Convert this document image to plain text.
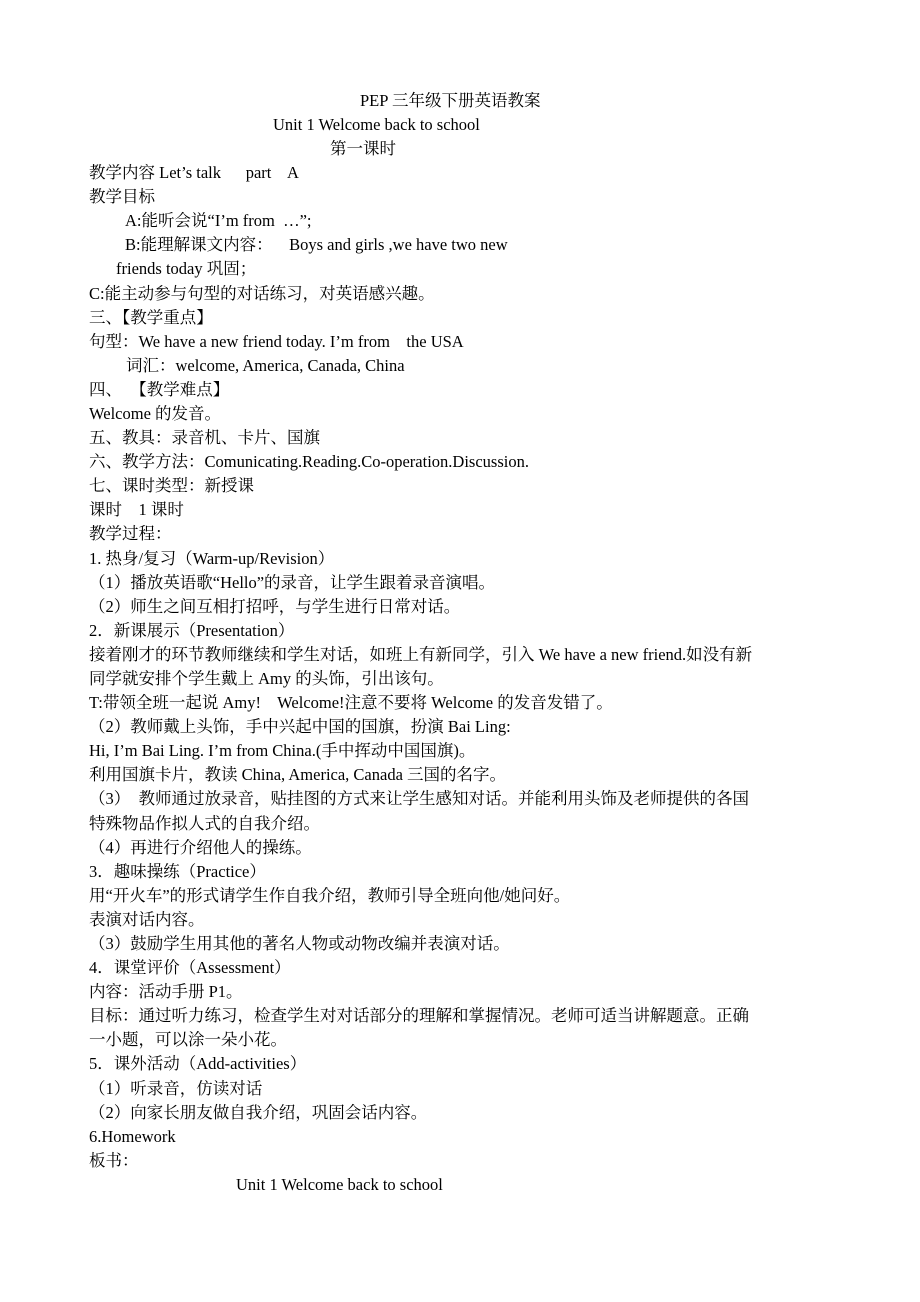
PEP 三年级下册英语教案
Unit 1 Welcome back to school
第一课时
教学内容 Let’s talk      part    A
教学目标
A:能听会说“I’m from  …”;
B:能理解课文内容：    Boys and girls ,we have two new
friends today 巩固；
C:能主动参与句型的对话练习，对英语感兴趣。
三、【教学重点】
句型：We have a new friend today. I’m from    the USA
词汇：welcome, America, Canada, China
四、  【教学难点】
Welcome 的发音。
五、教具：录音机、卡片、国旗
六、教学方法：Comunicating.Reading.Co-operation.Discussion.
七、课时类型：新授课
课时    1 课时
教学过程：
1. 热身/复习（Warm-up/Revision）
（1）播放英语歌“Hello”的录音，让学生跟着录音演唱。
（2）师生之间互相打招呼，与学生进行日常对话。
2．新课展示（Presentation）
接着刚才的环节教师继续和学生对话，如班上有新同学，引入 We have a new friend.如没有新
同学就安排个学生戴上 Amy 的头饰，引出该句。
T:带领全班一起说 Amy!    Welcome!注意不要将 Welcome 的发音发错了。
（2）教师戴上头饰，手中兴起中国的国旗，扮演 Bai Ling:
Hi, I’m Bai Ling. I’m from China.(手中挥动中国国旗)。
利用国旗卡片，教读 China, America, Canada 三国的名字。
（3）  教师通过放录音，贴挂图的方式来让学生感知对话。并能利用头饰及老师提供的各国
特殊物品作拟人式的自我介绍。
（4）再进行介绍他人的操练。
3．趣味操练（Practice）
用“开火车”的形式请学生作自我介绍，教师引导全班向他/她问好。
表演对话内容。
（3）鼓励学生用其他的著名人物或动物改编并表演对话。
4．课堂评价（Assessment）
内容：活动手册 P1。
目标：通过听力练习，检查学生对对话部分的理解和掌握情况。老师可适当讲解题意。正确
一小题，可以涂一朵小花。
5．课外活动（Add-activities）
（1）听录音，仿读对话
（2）向家长朋友做自我介绍，巩固会话内容。
6.Homework
板书：
Unit 1 Welcome back to school
